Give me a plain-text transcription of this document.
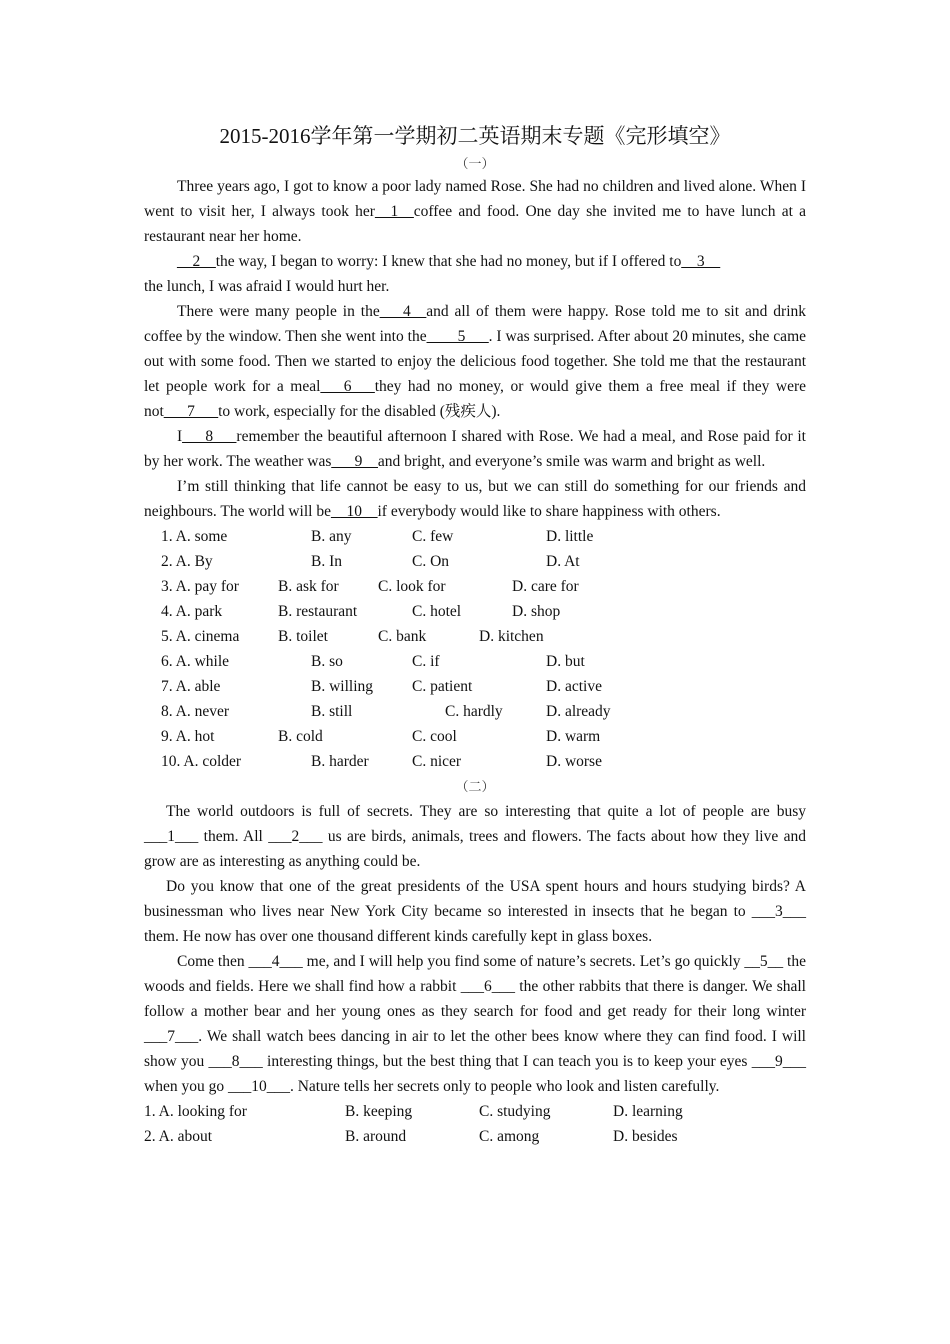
2015-2016学年第一学期初二英语期末专题《完形填空》
（一）

Three years ago, I got to know a poor lady named Rose. She had no children and lived alone. When I went to visit her, I always took her__1__coffee and food. One day she invited me to have lunch at a restaurant near her home.

__2__the way, I began to worry: I knew that she had no money, but if I offered to__3__
the lunch, I was afraid I would hurt her.

There were many people in the___4__and all of them were happy. Rose told me to sit and drink coffee by the window. Then she went into the____5___. I was surprised. After about 20 minutes, she came out with some food. Then we started to enjoy the delicious food together. She told me that the restaurant let people work for a meal___6___they had no money, or would give them a free meal if they were not___7___to work, especially for the disabled (残疾人).

I___8___remember the beautiful afternoon I shared with Rose. We had a meal, and Rose paid for it by her work. The weather was___9__and bright, and everyone’s smile was warm and bright as well.

I’m still thinking that life cannot be easy to us, but we can still do something for our friends and neighbours. The world will be__10__if everybody would like to share happiness with others.

1. A. some	B. any	C. few	D. little
2. A. By	B. In	C. On	D. At
3. A. pay for	B. ask for	C. look for	D. care for
4. A. park	B. restaurant	C. hotel	D. shop
5. A. cinema B. toilet	C. bank	D. kitchen
6. A. while	B. so	C. if	D. but
7. A. able	B. willing	C. patient	D. active
8. A. never	B. still	C. hardly	D. already
9. A. hot	B. cold	C. cool	D. warm
10. A. colder	B. harder	C. nicer	D. worse
（二）

The world outdoors is full of secrets. They are so interesting that quite a lot of people are busy ___1___ them. All ___2___ us are birds, animals, trees and flowers. The facts about how they live and grow are as interesting as anything could be.

Do you know that one of the great presidents of the USA spent hours and hours studying birds? A businessman who lives near New York City became so interested in insects that he began to ___3___ them. He now has over one thousand different kinds carefully kept in glass boxes.

Come then ___4___ me, and I will help you find some of nature’s secrets. Let’s go quickly __5__ the woods and fields. Here we shall find how a rabbit ___6___ the other rabbits that there is danger. We shall follow a mother bear and her young ones as they search for food and get ready for their long winter ___7___. We shall watch bees dancing in air to let the other bees know where they can find food. I will show you ___8___ interesting things, but the best thing that I can teach you is to keep your eyes ___9___ when you go ___10___. Nature tells her secrets only to people who look and listen carefully.

1. A. looking for	B. keeping	C. studying	D. learning
2. A. about	B. around	C. among	D. besides
